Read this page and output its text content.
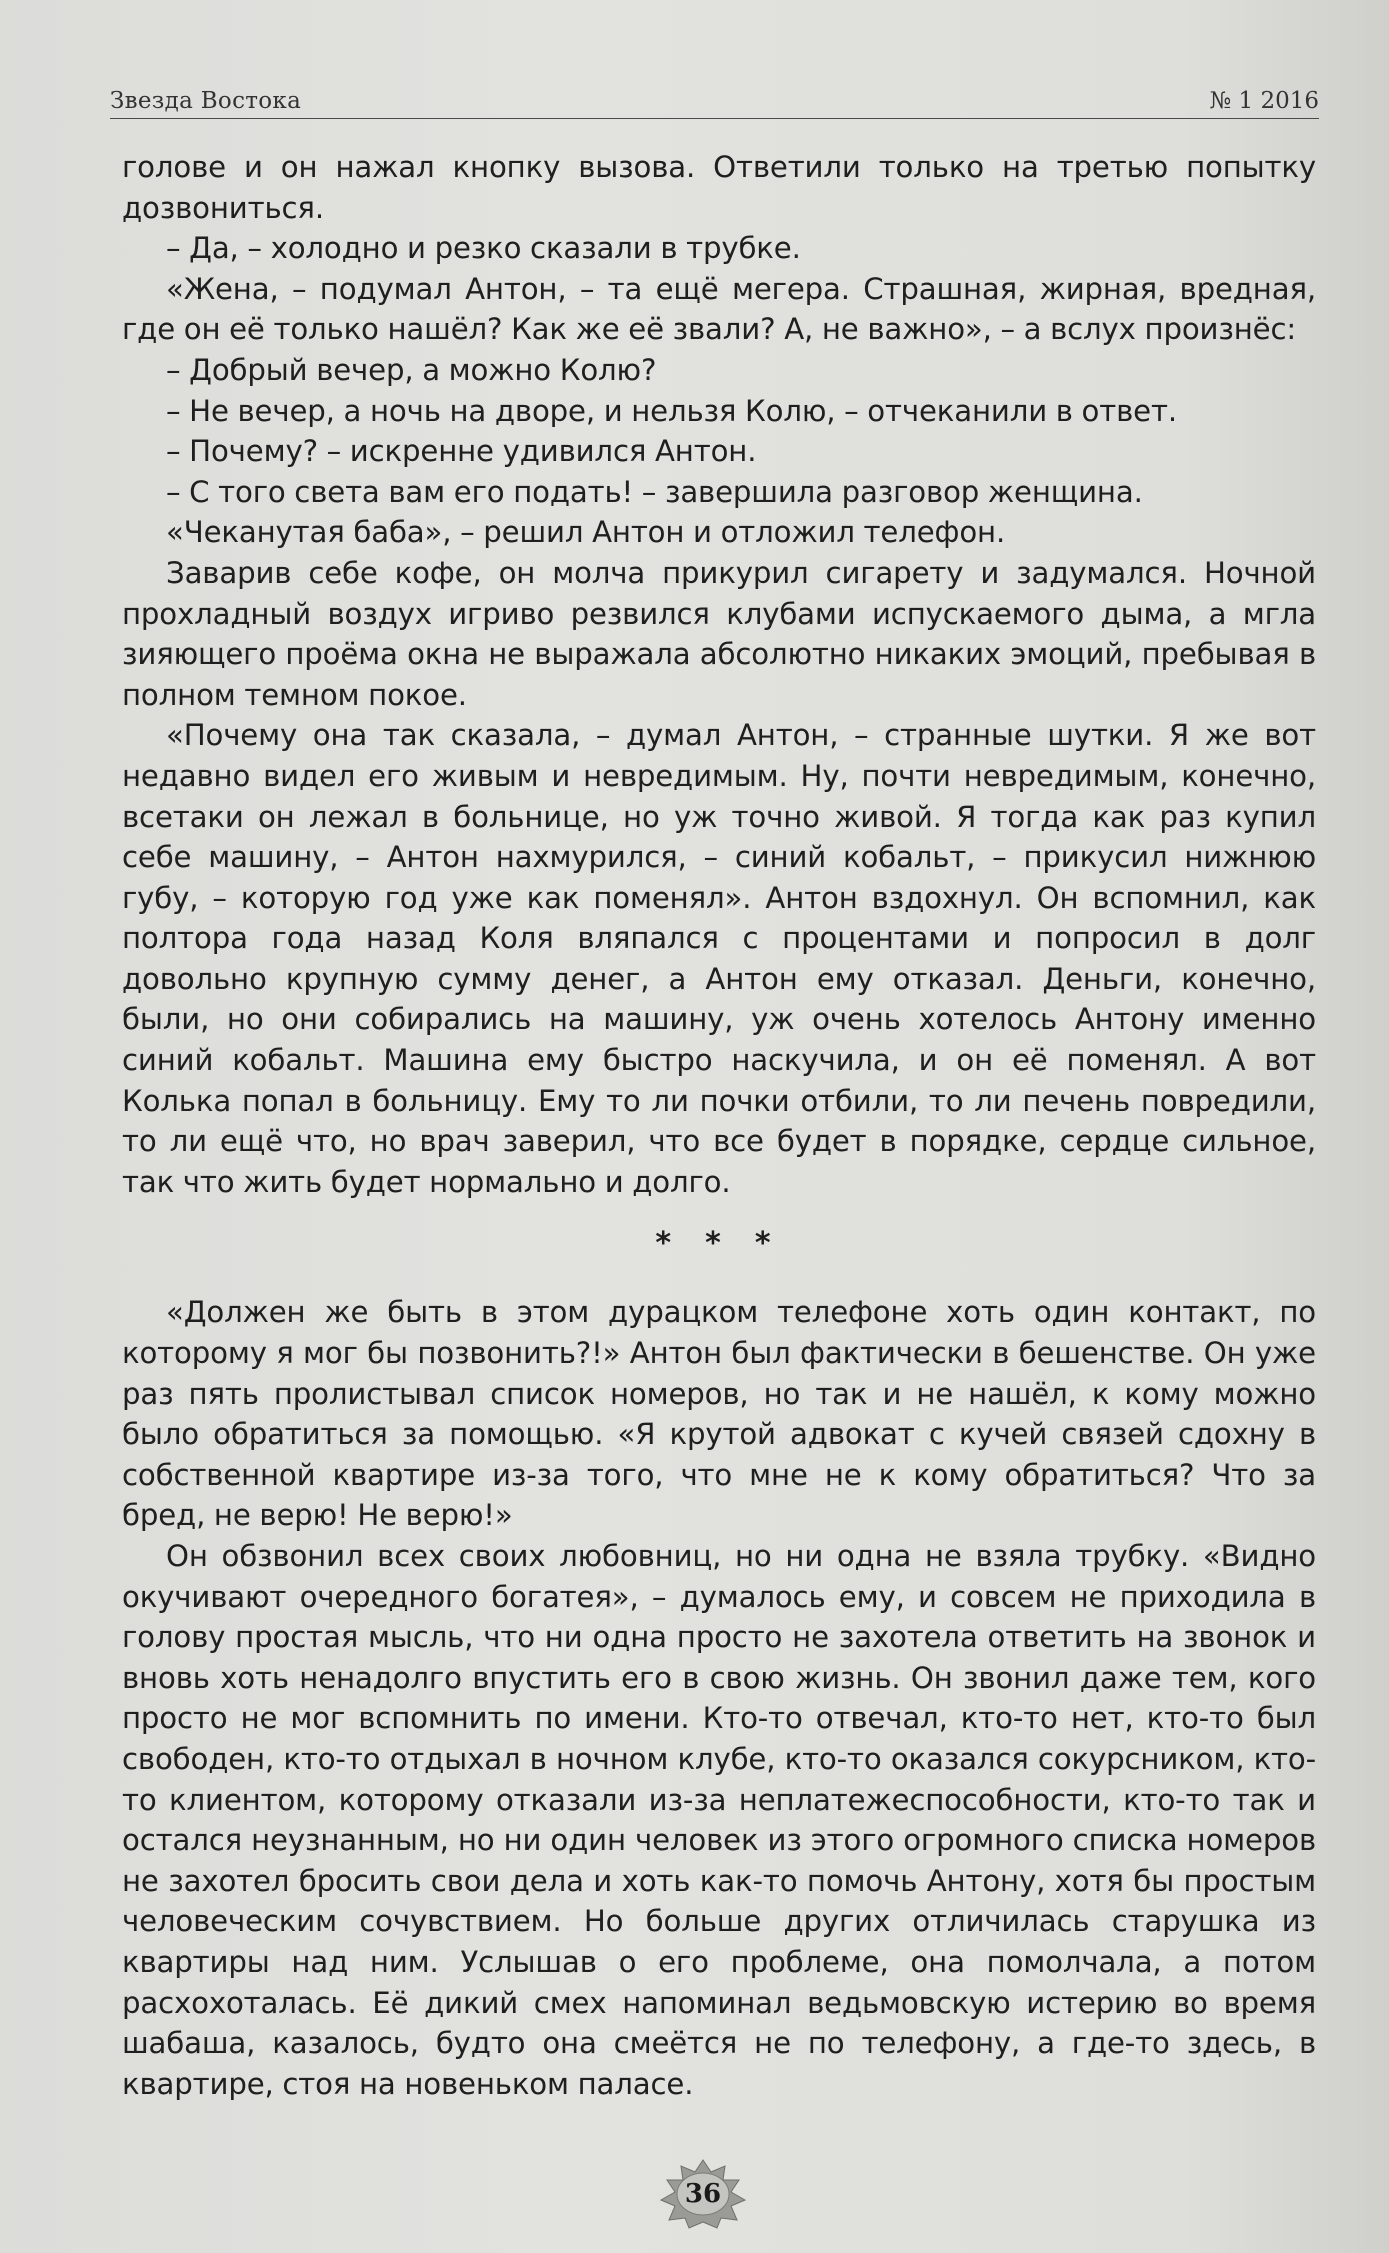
Звезда Востока	№ 1 2016

голове и он нажал кнопку вызова. Ответили только на третью попытку дозвониться.

– Да, – холодно и резко сказали в трубке.

«Жена, – подумал Антон, – та ещё мегера. Страшная, жирная, вредная, где он её только нашёл? Как же её звали? А, не важно», – а вслух произнёс:

– Добрый вечер, а можно Колю?

– Не вечер, а ночь на дворе, и нельзя Колю, – отчеканили в ответ.

– Почему? – искренне удивился Антон.

– С того света вам его подать! – завершила разговор женщина.

«Чеканутая баба», – решил Антон и отложил телефон.

Заварив себе кофе, он молча прикурил сигарету и задумался. Ночной прохладный воздух игриво резвился клубами испускаемого дыма, а мгла зияющего проёма окна не выражала абсолютно никаких эмоций, пребывая в полном темном покое.

«Почему она так сказала, – думал Антон, – странные шутки. Я же вот недавно видел его живым и невредимым. Ну, почти невредимым, конечно, всетаки он лежал в больнице, но уж точно живой. Я тогда как раз купил себе машину, – Антон нахмурился, – синий кобальт, – прикусил нижнюю губу, – которую год уже как поменял». Антон вздохнул. Он вспомнил, как полтора года назад Коля вляпался с процентами и попросил в долг довольно крупную сумму денег, а Антон ему отказал. Деньги, конечно, были, но они собирались на машину, уж очень хотелось Антону именно синий кобальт. Машина ему быстро наскучила, и он её поменял. А вот Колька попал в больницу. Ему то ли почки отбили, то ли печень повредили, то ли ещё что, но врач заверил, что все будет в порядке, сердце сильное, так что жить будет нормально и долго.

* * *

«Должен же быть в этом дурацком телефоне хоть один контакт, по которому я мог бы позвонить?!» Антон был фактически в бешенстве. Он уже раз пять пролистывал список номеров, но так и не нашёл, к кому можно было обратиться за помощью. «Я крутой адвокат с кучей связей сдохну в собственной квартире из-за того, что мне не к кому обратиться? Что за бред, не верю! Не верю!»

Он обзвонил всех своих любовниц, но ни одна не взяла трубку. «Видно окучивают очередного богатея», – думалось ему, и совсем не приходила в голову простая мысль, что ни одна просто не захотела ответить на звонок и вновь хоть ненадолго впустить его в свою жизнь. Он звонил даже тем, кого просто не мог вспомнить по имени. Кто-то отвечал, кто-то нет, кто-то был свободен, кто-то отдыхал в ночном клубе, кто-то оказался сокурсником, кто-то клиентом, которому отказали из-за неплатежеспособности, кто-то так и остался неузнанным, но ни один человек из этого огромного списка номеров не захотел бросить свои дела и хоть как-то помочь Антону, хотя бы простым человеческим сочувствием. Но больше других отличилась старушка из квартиры над ним. Услышав о его проблеме, она помолчала, а потом расхохоталась. Её дикий смех напоминал ведьмовскую истерию во время шабаша, казалось, будто она смеётся не по телефону, а где-то здесь, в квартире, стоя на новеньком паласе.

36
